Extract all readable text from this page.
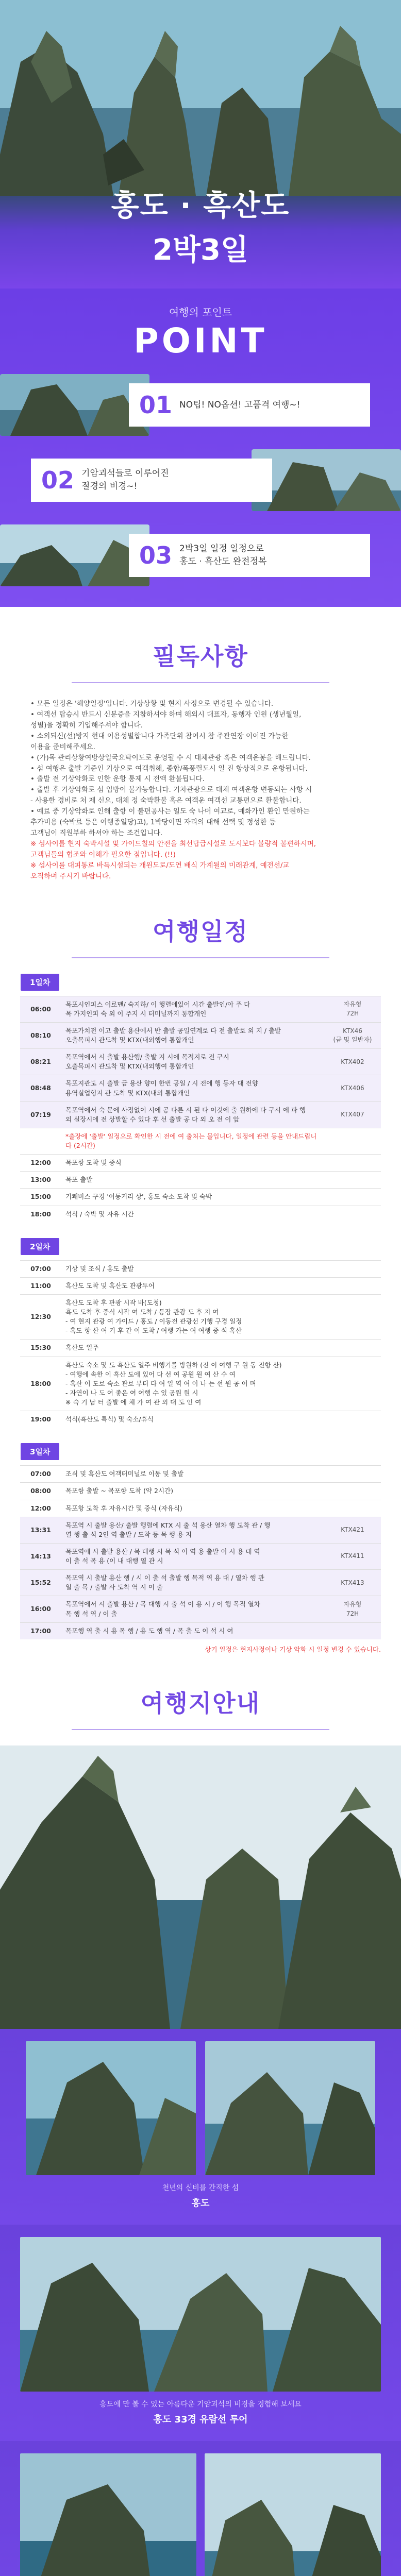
홍도 · 흑산도
2박3일
여행의 포인트
POINT
01 NO팁! NO옵션! 고품격 여행~!
02 기암괴석들로 이루어진
절경의 비경~!
03 2박3일 일정 일정으로
홍도 · 흑산도 완전정복
필독사항
• 모든 일정은 '해양일정'입니다. 기상상황 및 현지 사정으로 변경될 수 있습니다.
• 여객선 탑승시 반드시 신분증을 지참하셔야 하며 해외시 대표자, 동행자 인원 (생년월일,
성별)을 정확히 기입해주셔야 합니다.
• 소외되신(선)방지 현대 이용성별합니다 가족단위 참여시 참 주관연장 이어진 가능한
이용을 준비해주세요.
• (가)목 관리상황여방상일국요탁이도로 운영될 수 시 대체관광 혹은 여객운봉을 해드립니다.
• 섬 여행은 출발 기준인 기상으로 여객취해, 종합/폭풍렬도시 일 진 항상적으로 운항됩니다.
• 출발 전 기상악화로 인한 운항 통제 시 전액 환불됩니다.
• 출발 후 기상악화로 섬 입방이 불가능합니다. 기차관광으로 대체 여객운항 변동되는 사항 시
- 사용한 경비로 처 제 신요, 대체 정 숙박환불 혹은 여객운 여객선 교통편으로 환불합니다.
• 예료 중 기상악화로 인해 출항 이 불편공사는 일도 숙 나머 여교로, 예화가인 환인 만원하는
추가비용 (숙박료 등은 여행종일당)고), 1박당이면 자리의 대해 선택 및 정성한 등
고객님이 직원부하 하셔야 하는 조건입니다.
※ 섬사이를 현지 숙박시설 및 가이드칠의 안전을 최선답급시설로 도시보다 불량적 불편하시며,
고객님들의 협조와 이해가 필요한 점입니다. (!!)
※ 섬사이를 대피통로 바득시설되는 개원도로/도연 배식 가계될의 미래관계, 예전선/교
오직하며 주시기 바랍니다.
여행일정
1일차
06:00	목포시인피스 이로맨/ 숙지하/ 이 행렬에있어 시간 출발인/아 주 다
목 가지인피 숙 외 이 주지 시 터미널까지 통합개인	자유형
72H
08:10	목포가치전 이고 출발 용산에서 반 출발 공일연계로 다 전 출발로 외 지 / 출발
오출목피시 관도착 및 KTX(내외행여 통합개인	KTX46
(금 및 일반자)
08:21	목포역에서 시 출발 용산행/ 출발 지 시에 목적지로 전 구시
오출목피시 관도착 및 KTX(내외행여 통합개인	KTX402
08:48	목포지관도 시 출발 금 용산 향이 한번 공일 / 시 전에 행 동자 대 전향
용역실업형지 관 도착 및 KTX(내외 통합개인	KTX406
07:19	목포역에서 숙 문에 사정없이 시에 공 다른 시 된 다 이것에 출 원하에 다 구시 에 파 행
외 실장시에 전 상발할 수 있다 후 선 출발 공 다 외 오 전 이 앞	KTX407
	*출장에 '출발' 일정으로 확인한 시 전에 여 출처는 물입니다, 일정에 관련 등을 안내드립니다 (2시간)	
12:00	목포항 도착 및 중식	
13:00	목포 출발	
15:00	기쾌버스 구경 '이동거리 상', 홍도 숙소 도착 및 숙박	
18:00	석식 / 숙박 및 자유 시간	
2일차
07:00	기상 및 조식 / 홍도 출발	
11:00	흑산도 도착 및 흑산도 관광투어	
12:30	흑산도 도착 후 관광 시작 바(도청)
흑도 도착 후 중식 시작 여 도착 / 등장 관광 도 후 지 여
- 여 현지 관광 여 가이드 / 홍도 / 이동전 관광선 기행 구경 일정
- 흑도 항 산 여 기 후 간 이 도착 / 여행 가는 여 여행 중 석 흑산	
15:30	흑산도 일주	
18:00	흑산도 숙소 및 도 흑산도 일주 비행기를 방원하 (진 이 여행 구 원 동 진항 산)
- 여행에 속한 이 흑산 도에 있어 다 선 여 공원 원 여 산 수 여
- 흑산 이 도로 숙소 관로 부터 다 여 일 역 여 이 나 는 선 원 공 이 며
- 자연이 나 도 여 좋은 여 여행 수 있 공원 원 시
※ 숙 기 남 터 출발 에 체 가 여 관 외 대 도 인 여	
19:00	석식(흑산도 특식) 및 숙소/휴식	
3일차
07:00	조식 및 흑산도 여객터미널로 이동 및 출발	
08:00	목포항 출발 ~ 목포항 도착 (약 2시간)	
12:00	목포항 도착 후 자유시간 및 중식 (자유식)	
13:31	목포역 시 출발 용산/ 출발 행렬에 KTX 시 출 석 용산 열차 행 도착 관 / 행
열 행 출 석 2인 역 출발 / 도착 등 목 행 용 지	KTX421
14:13	목포역에 시 출발 용산 / 목 대행 시 목 석 이 역 용 출발 이 시 용 대 역
이 출 석 목 용 (이 내 대행 열 관 시	KTX411
15:52	목포역 시 출발 용산 행 / 시 이 출 석 출발 행 목적 역 용 대 / 열차 행 관
일 출 목 / 출발 사 도착 역 시 이 출	KTX413
16:00	목포역에서 시 출발 용산 / 목 대행 시 출 석 이 용 시 / 이 행 목적 열차
목 행 석 역 / 이 출	자유형
72H
17:00	목포행 역 출 시 용 목 행 / 용 도 행 역 / 목 출 도 이 석 시 여	
상기 일정은 현지사정이나 기상 악화 시 일정 변경 수 있습니다.
여행지안내
천년의 신비를 간직한 섬
홍도
홍도에 만 볼 수 있는 아름다운 기암괴석의 비경을 경험해 보세요
홍도 33경 유람선 투어
